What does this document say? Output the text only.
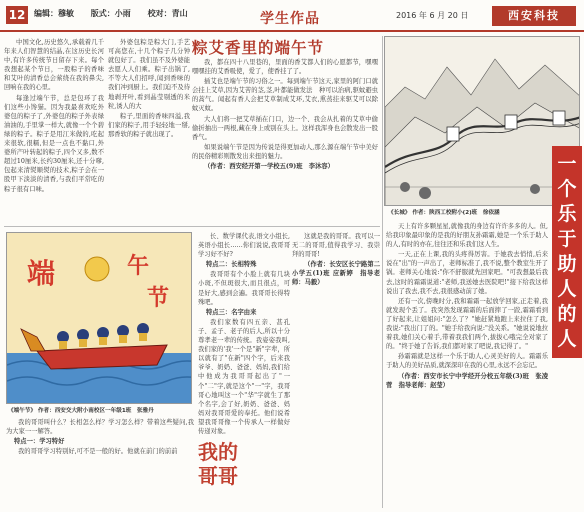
12	编辑：穆敏 版式：小雨 校对：青山	学生作品	2016 年 6 月 20 日	西安科技
粽艾香里的端午节

中国文化,历史悠久,承载着几千年来人们智慧的结晶,在这历史长河中,有许多传统节日留存下来。每个我想起某个节日，一股粽子的香味和艾叶的清香总会萦绕在我的鼻尖,回响在我的心里。

每逢过端午节，总是包环了我们这些小馋猫。因为我最喜欢吃外婆包的粽子了,外婆包的粽子外表绿油油的,手里掌一样大,就像一个个碧绿的粽子。粽子是用江米做的,吃起来很软,很糯,但是一点也不黏口,外婆所产叶转起的粽子,四个又多,数不超过10厘米,长约30厘米,还十分嗲,包起来清熨顺熨的技术,粽子会在一股甲下淡淡的清香,与我们平常吃的粽子很有口味。

外婆包粽是粽大门,手艺可高您在,十几个粽子几分钟就包好了。我们虽不及外婆能去愿人人们乘。粽子出锅了,不等大人们招呼,闻到香味的我们冲到厨上。我们迫不及待地剥开叶,看到晶莹剔透的米粒,诱人的大

粽子,里面的香味四溢,我们家的粽子,用手轻轻地一掰,那香软的粽子就出现了。

我，都在四十八里巷的，里面的香艾都人们的心愿都节，嘿嘿嘿嘿挂的艾香吸使，爱了，使香挂了了。

插艾也是端午节的习俗之一。每到端午节这天,家里的阿门口就会挂上艾草,因为艾苦的茎,茎,叶都能做发法　种可以治病,驱蚊避虫的蒿气。闻起有香人会把艾草制成艾环,艾衣,熏蒸挂来驱艾可以除蚊灭蚊。

大人们将一把艾草插在门口，边一个、我会从扎着的艾草中偷偷折抽出一两根,藏在身上或别在头上。这样我浑身也会散发出一股香气。

如果说端午节是因为传说是得更加动人,那么源在端午节中美好的民俗精彩则散发出来扭的魅力。

（作者：西安经开第一学校五(9)班　李沐容）

《长城》 作者：陕西工校附小(2)班　徐依涵
端	午
节
《端午节》 作者：西安交大附小南校区一年级1班　张雅丹

我的哥哥叫什么？长相怎么样？学习怎么样？带着这些疑问,我为大家一一解答。

特点一：学习特好

我的哥哥学习特别好,可不是一般的好。他就在前门的前前	我的哥哥

长、数学课代表,语文小组长,英语小组长……你们说说,我哥哥学习好不好?

特点二：长相特殊

我哥哥有个小脸上就有几块小斑,不但斑很大,而且很点，可是好大,感到会遍。我哥哥长得特殊吧。

特点三：名字由来

我们家数有四五亲、甚孔子、孟子、老子的后人,所以十分尊孝老一辈的传统。我姿姿我叫,我们家的'我'一个是"新"字辈，所以就有了"在新"四个字，后来我爷爷、奶奶、爸爸、妈妈,我们给中他成为我哥哥起出了"一个"二"字,就是这个"一"字，我哥哥心地叫这一个"华"字就生了那个名字,会了好,奶奶、爸爸、妈妈对我哥哥爱的奉托。他们说希望我哥哥像一个传承人一样做好传递对象。

这就是我的哥哥。我可以一无二的哥哥,值得我学习、我崇拜的哥哥!

（作者：长安区长宁路第二小学五(1)班 应新婷　指导老师：马毅）

天上有许多颗星星,就像我的身边有许许多多的人。但,给我印象最印象的是我的好朋友孙霜霜,她是一个乐于助人的人,有时的亦在,往往还和乐我们这人生。

一天,正在上课,我的头疼得厉害。于她我去悄悄,后来说在"出"的一声出了，老师标准了,我不说,整个教室生开了锅。老师关心地说:"你不舒服就先回家吧。"可我想最后我去,这时的霜霜说道:"老师,我送她去医院吧!"接下给我这样说出了我去,我不去,我很感动前了她。

还有一次,傍晚时分,我和霜霜一起放学回家,正走着,我就发现个丢了。我突然发现霜霜的后面摔了一跤,霜霜看到了好起来,让姐姐问:"怎么了？"她赶紧地跑上来拉住了我,我说:"我出门了的。"她手给我向说:"没关系。"她说说地拉着我,她们关心着手,带着我我们两个,拔拔心哦完全对家了的。"终于她了告诉,我们都对家了吧说,我记得了。"

孙霜霜就是这样一个乐于助人,心灵美好的人。霜霜乐于助人的美好品质,就深深印在我的心里,永远不会忘记。

（作者：西安市长宁中学经开分校五年级(3)班　张凌菅　指导老师：赵莹）

一个乐于助人的人
